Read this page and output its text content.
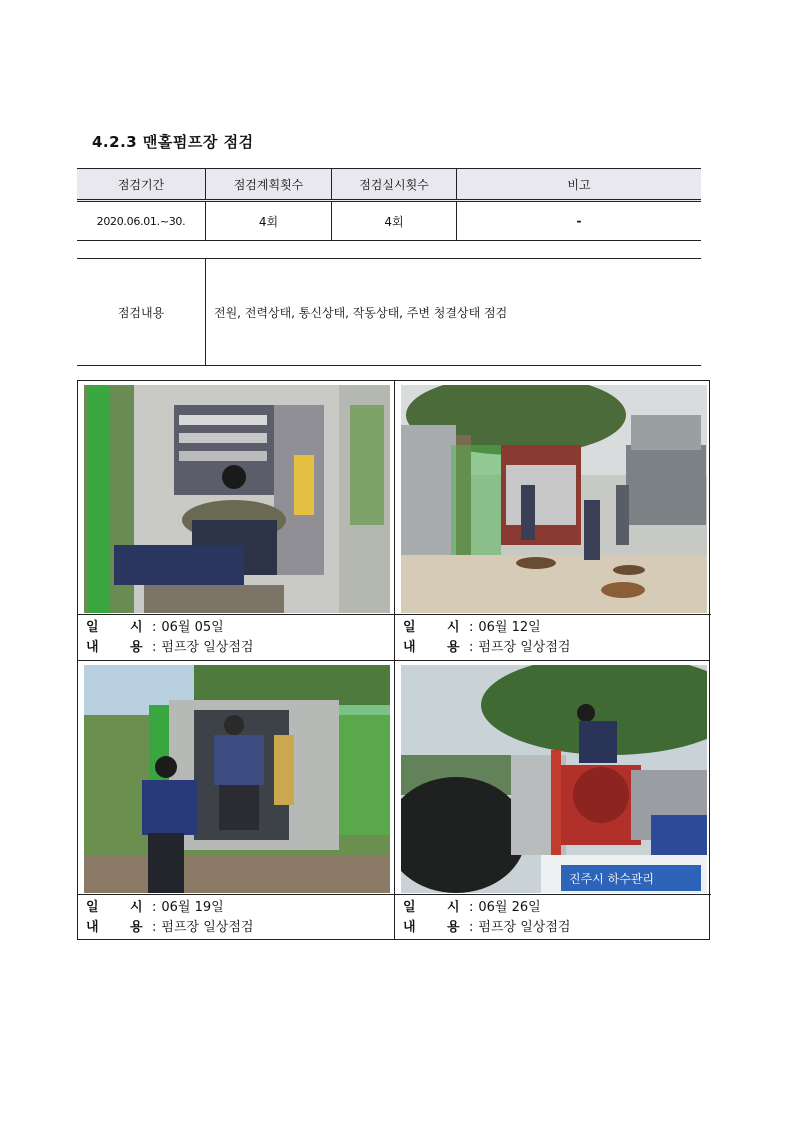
4.2.3 맨홀펌프장 점검
점검기간	점검계획횟수	점검실시횟수	비고
2020.06.01.~30.	4회	4회	-
점검내용	전원, 전력상태, 통신상태, 작동상태, 주변 청결상태 점검
일 시 : 06월 05일
내 용 : 펌프장 일상점검
일 시 : 06월 12일
내 용 : 펌프장 일상점검
일 시 : 06월 19일
내 용 : 펌프장 일상점검
진주시 하수관리
일 시 : 06월 26일
내 용 : 펌프장 일상점검
